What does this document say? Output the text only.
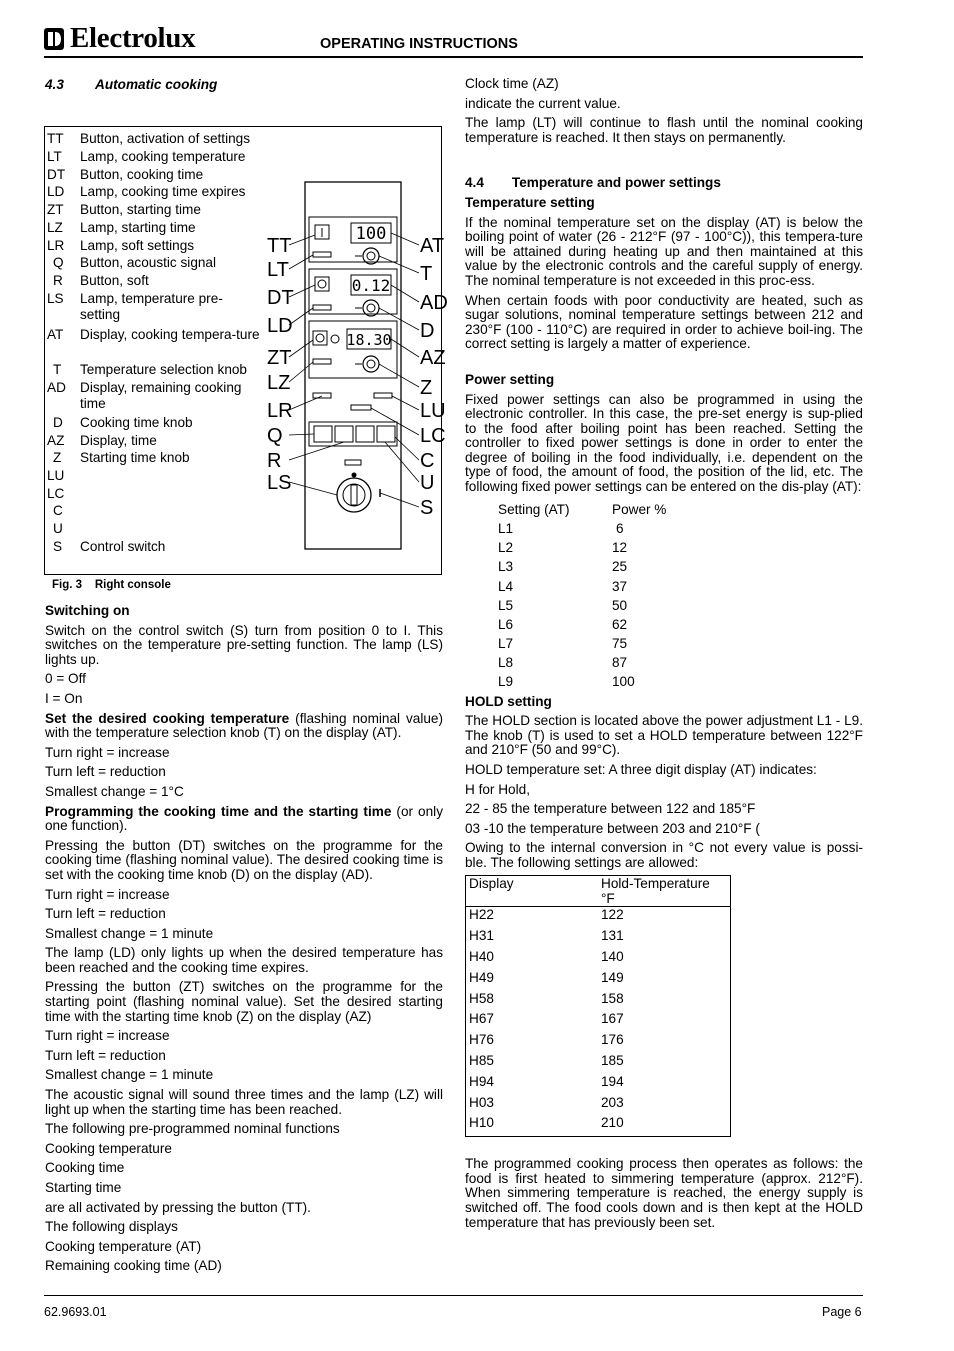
Electrolux	OPERATING INSTRUCTIONS
4.3 Automatic cooking
TT Button, activation of settings
LT Lamp, cooking temperature
DT Button, cooking time
LD Lamp, cooking time expires
ZT Button, starting time
LZ Lamp, starting time
LR Lamp, soft settings
Q Button, acoustic signal
R Button, soft
LS Lamp, temperature pre-setting
AT Display, cooking tempera-ture
T Temperature selection knob
AD Display, remaining cooking time
D Cooking time knob
AZ Display, time
Z Starting time knob
LU
LC
C
U
S Control switch
100
0.12
18.30
TT
LT
DT
LD
ZT
LZ
LR
Q
R
LS
AT
T
AD
D
AZ
Z
LU
LC
C
U
S
Fig. 3 Right console

Switching on

Switch on the control switch (S) turn from position 0 to I. This switches on the temperature pre-setting function. The lamp (LS) lights up.

0 = Off

I = On

Set the desired cooking temperature (flashing nominal value) with the temperature selection knob (T) on the display (AT).

Turn right = increase

Turn left = reduction

Smallest change = 1°C

Programming the cooking time and the starting time (or only one function).

Pressing the button (DT) switches on the programme for the cooking time (flashing nominal value). The desired cooking time is set with the cooking time knob (D) on the display (AD).

Turn right = increase

Turn left = reduction

Smallest change = 1 minute

The lamp (LD) only lights up when the desired temperature has been reached and the cooking time expires.

Pressing the button (ZT) switches on the programme for the starting point (flashing nominal value). Set the desired starting time with the starting time knob (Z) on the display (AZ)

Turn right = increase

Turn left = reduction

Smallest change = 1 minute

The acoustic signal will sound three times and the lamp (LZ) will light up when the starting time has been reached.

The following pre-programmed nominal functions

Cooking temperature

Cooking time

Starting time

are all activated by pressing the button (TT).

The following displays

Cooking temperature (AT)

Remaining cooking time (AD)

Clock time (AZ)

indicate the current value.

The lamp (LT) will continue to flash until the nominal cooking temperature is reached. It then stays on permanently.

4.4 Temperature and power settings

Temperature setting

If the nominal temperature set on the display (AT) is below the boiling point of water (26 - 212°F (97 - 100°C)), this tempera-ture will be attained during heating up and then maintained at this value by the electronic controls and the careful supply of energy. The nominal temperature is not exceeded in this proc-ess.

When certain foods with poor conductivity are heated, such as sugar solutions, nominal temperature settings between 212 and 230°F (100 - 110°C) are required in order to achieve boil-ing. The correct setting is largely a matter of experience.

Power setting

Fixed power settings can also be programmed in using the electronic controller. In this case, the pre-set energy is sup-plied to the food after boiling point has been reached. Setting the controller to fixed power settings is done in order to enter the degree of boiling in the food individually, i.e. dependent on the type of food, the amount of food, the position of the lid, etc. The following fixed power settings can be entered on the dis-play (AT):

Setting (AT)	Power %
L1	6
L2	12
L3	25
L4	37
L5	50
L6	62
L7	75
L8	87
L9	100

HOLD setting

The HOLD section is located above the power adjustment L1 - L9. The knob (T) is used to set a HOLD temperature between 122°F and 210°F (50 and 99°C).

HOLD temperature set: A three digit display (AT) indicates:

H for Hold,

22 - 85 the temperature between 122 and 185°F

03 -10 the temperature between 203 and 210°F (

Owing to the internal conversion in °C not every value is possi-ble. The following settings are allowed:

Display	Hold-Temperature
°F
H22	122
H31	131
H40	140
H49	149
H58	158
H67	167
H76	176
H85	185
H94	194
H03	203
H10	210

The programmed cooking process then operates as follows: the food is first heated to simmering temperature (approx. 212°F). When simmering temperature is reached, the energy supply is switched off. The food cools down and is then kept at the HOLD temperature that has previously been set.

62.9693.01	Page 6
